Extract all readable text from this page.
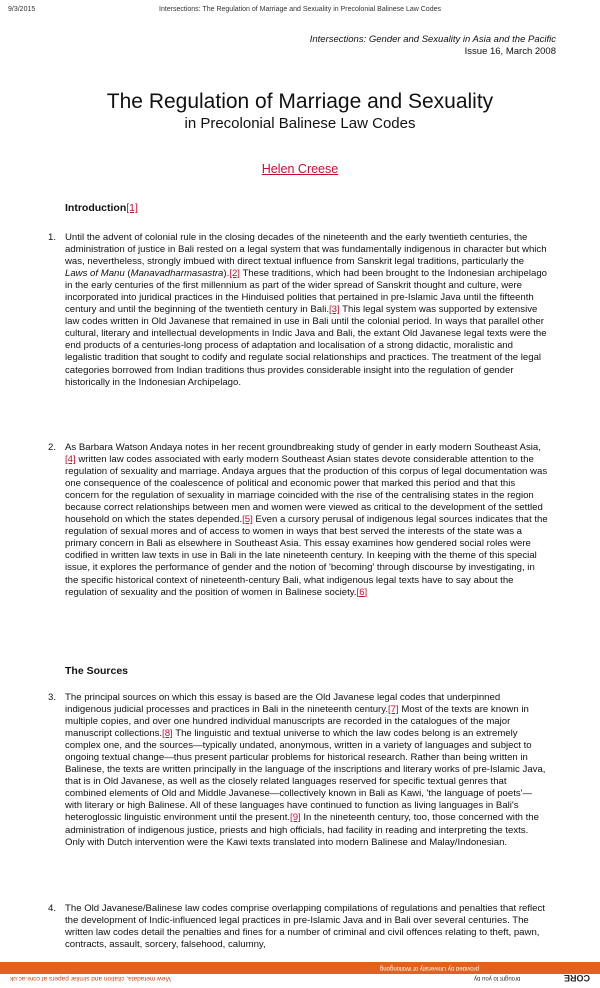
9/3/2015	Intersections: The Regulation of Marriage and Sexuality in Precolonial Balinese Law Codes
Intersections: Gender and Sexuality in Asia and the Pacific
Issue 16, March 2008
The Regulation of Marriage and Sexuality
in Precolonial Balinese Law Codes
Helen Creese
Introduction[1]
1. Until the advent of colonial rule in the closing decades of the nineteenth and the early twentieth centuries, the administration of justice in Bali rested on a legal system that was fundamentally indigenous in character but which was, nevertheless, strongly imbued with direct textual influence from Sanskrit legal traditions, particularly the Laws of Manu (Manavadharmasastra).[2] These traditions, which had been brought to the Indonesian archipelago in the early centuries of the first millennium as part of the wider spread of Sanskrit thought and culture, were incorporated into juridical practices in the Hinduised polities that pertained in pre-Islamic Java until the fifteenth century and until the beginning of the twentieth century in Bali.[3] This legal system was supported by extensive law codes written in Old Javanese that remained in use in Bali until the colonial period. In ways that parallel other cultural, literary and intellectual developments in Indic Java and Bali, the extant Old Javanese legal texts were the end products of a centuries-long process of adaptation and localisation of a strong didactic, moralistic and legalistic tradition that sought to codify and regulate social relationships and practices. The treatment of the legal categories borrowed from Indian traditions thus provides considerable insight into the regulation of gender historically in the Indonesian Archipelago.
2. As Barbara Watson Andaya notes in her recent groundbreaking study of gender in early modern Southeast Asia,[4] written law codes associated with early modern Southeast Asian states devote considerable attention to the regulation of sexuality and marriage. Andaya argues that the production of this corpus of legal documentation was one consequence of the coalescence of political and economic power that marked this period and that this concern for the regulation of sexuality in marriage coincided with the rise of the centralising states in the region because correct relationships between men and women were viewed as critical to the development of the settled household on which the states depended.[5] Even a cursory perusal of indigenous legal sources indicates that the regulation of sexual mores and of access to women in ways that best served the interests of the state was a primary concern in Bali as elsewhere in Southeast Asia. This essay examines how gendered social roles were codified in written law texts in use in Bali in the late nineteenth century. In keeping with the theme of this special issue, it explores the performance of gender and the notion of 'becoming' through discourse by investigating, in the specific historical context of nineteenth-century Bali, what indigenous legal texts have to say about the regulation of sexuality and the position of women in Balinese society.[6]
The Sources
3. The principal sources on which this essay is based are the Old Javanese legal codes that underpinned indigenous judicial processes and practices in Bali in the nineteenth century.[7] Most of the texts are known in multiple copies, and over one hundred individual manuscripts are recorded in the catalogues of the major manuscript collections.[8] The linguistic and textual universe to which the law codes belong is an extremely complex one, and the sources—typically undated, anonymous, written in a variety of languages and subject to ongoing textual change—thus present particular problems for historical research. Rather than being written in Balinese, the texts are written principally in the language of the inscriptions and literary works of pre-Islamic Java, that is in Old Javanese, as well as the closely related languages reserved for specific textual genres that combined elements of Old and Middle Javanese—collectively known in Bali as Kawi, 'the language of poets'— with literary or high Balinese. All of these languages have continued to function as living languages in Bali's heteroglossic linguistic environment until the present.[9] In the nineteenth century, too, those concerned with the administration of indigenous justice, priests and high officials, had facility in reading and interpreting the texts. Only with Dutch intervention were the Kawi texts translated into modern Balinese and Malay/Indonesian.
4. The Old Javanese/Balinese law codes comprise overlapping compilations of regulations and penalties that reflect the development of Indic-influenced legal practices in pre-Islamic Java and in Bali over several centuries. The written law codes detail the penalties and fines for a number of criminal and civil offences relating to theft, pawn, contracts, assault, sorcery, falsehood, calumny,
provided by University of Wollongong
View metadata, citation and similar papers at core.ac.uk	brought to you by	CORE
